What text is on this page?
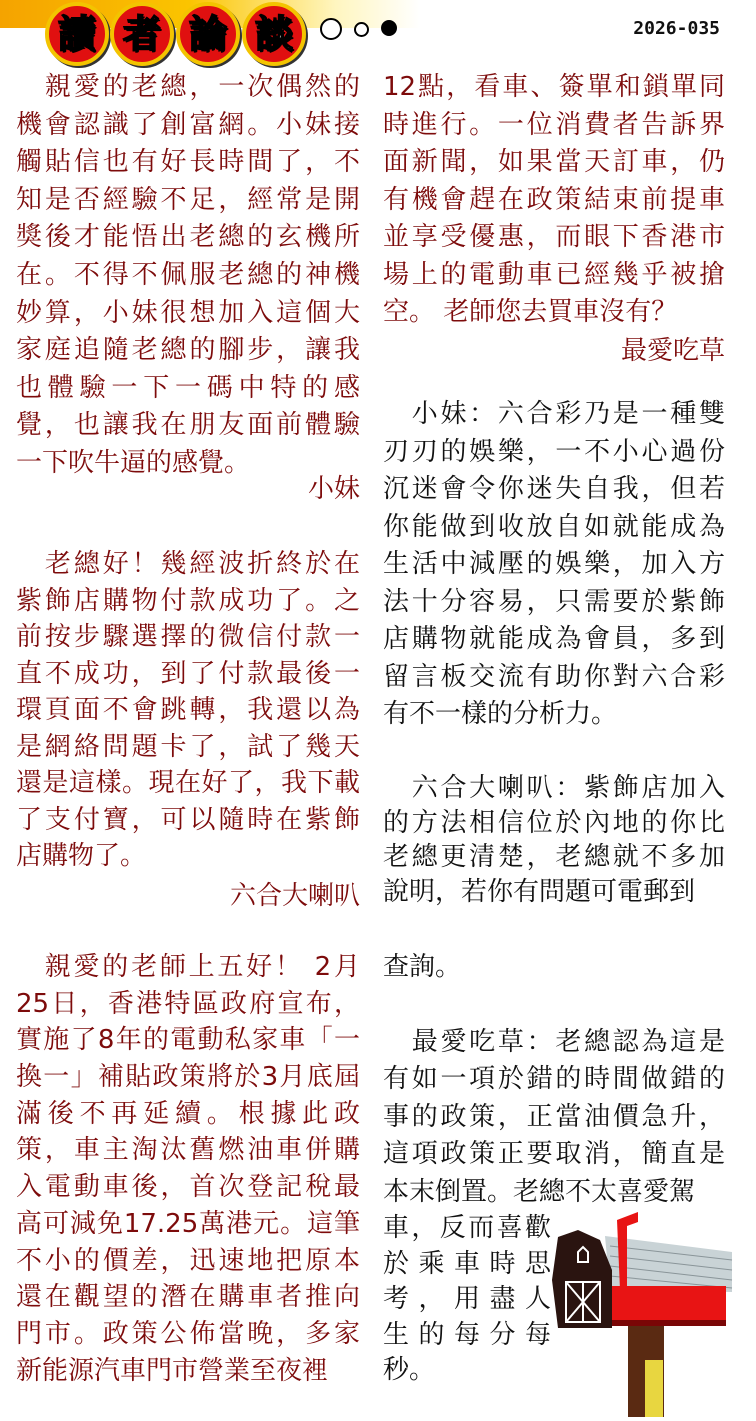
讀 者 論 談	2026-035
　親愛的老總，一次偶然的
機會認識了創富網。小妹接
觸貼信也有好長時間了，不
知是否經驗不足，經常是開
獎後才能悟出老總的玄機所
在。不得不佩服老總的神機
妙算，小妹很想加入這個大
家庭追隨老總的腳步，讓我
也體驗一下一碼中特的感
覺，也讓我在朋友面前體驗
一下吹牛逼的感覺。
小妹
　老總好！幾經波折終於在
紫飾店購物付款成功了。之
前按步驟選擇的微信付款一
直不成功，到了付款最後一
環頁面不會跳轉，我還以為
是網絡問題卡了，試了幾天
還是這樣。現在好了，我下載
了支付寶，可以隨時在紫飾
店購物了。
六合大喇叭
　親愛的老師上五好！ 2月
25日，香港特區政府宣布，
實施了8年的電動私家車「一
換一」補貼政策將於3月底屆
滿後不再延續。根據此政
策，車主淘汰舊燃油車併購
入電動車後，首次登記稅最
高可減免17.25萬港元。這筆
不小的價差，迅速地把原本
還在觀望的潛在購車者推向
門市。政策公佈當晚，多家
新能源汽車門市營業至夜裡
12點，看車、簽單和鎖單同
時進行。一位消費者告訴界
面新聞，如果當天訂車，仍
有機會趕在政策結束前提車
並享受優惠，而眼下香港市
場上的電動車已經幾乎被搶
空。 老師您去買車沒有？
最愛吃草
　小妹：六合彩乃是一種雙
刃刃的娛樂，一不小心過份
沉迷會令你迷失自我，但若
你能做到收放自如就能成為
生活中減壓的娛樂，加入方
法十分容易，只需要於紫飾
店購物就能成為會員，多到
留言板交流有助你對六合彩
有不一樣的分析力。
　六合大喇叭：紫飾店加入
的方法相信位於內地的你比
老總更清楚，老總就不多加
說明，若你有問題可電郵到
查詢。
　最愛吃草：老總認為這是
有如一項於錯的時間做錯的
事的政策，正當油價急升，
這項政策正要取消，簡直是
本末倒置。老總不太喜愛駕
車，反而喜歡
於乘車時思
考，用盡人
生的每分每
秒。
